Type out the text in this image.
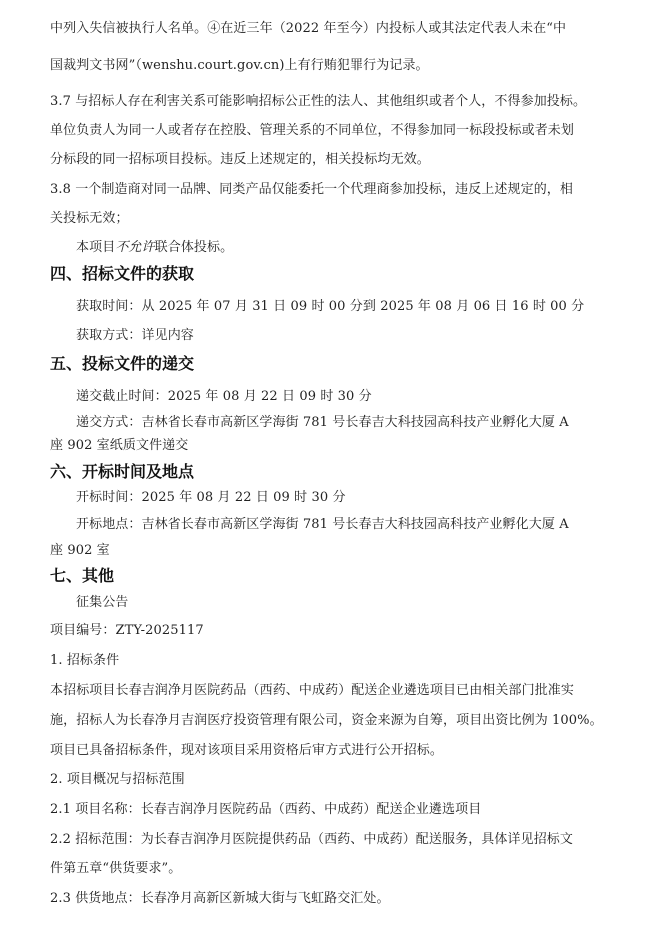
中列入失信被执行人名单。④在近三年（2022 年至今）内投标人或其法定代表人未在“中
国裁判文书网”（wenshu.court.gov.cn)上有行贿犯罪行为记录。
3.7 与招标人存在利害关系可能影响招标公正性的法人、其他组织或者个人，不得参加投标。
单位负责人为同一人或者存在控股、管理关系的不同单位，不得参加同一标段投标或者未划
分标段的同一招标项目投标。违反上述规定的，相关投标均无效。
3.8 一个制造商对同一品牌、同类产品仅能委托一个代理商参加投标，违反上述规定的，相
关投标无效；
本项目不允许联合体投标。
四、招标文件的获取
获取时间：从 2025 年 07 月 31 日 09 时 00 分到 2025 年 08 月 06 日 16 时 00 分
获取方式：详见内容
五、投标文件的递交
递交截止时间：2025 年 08 月 22 日 09 时 30 分
递交方式：吉林省长春市高新区学海街 781 号长春吉大科技园高科技产业孵化大厦 A
座 902 室纸质文件递交
六、开标时间及地点
开标时间：2025 年 08 月 22 日 09 时 30 分
开标地点：吉林省长春市高新区学海街 781 号长春吉大科技园高科技产业孵化大厦 A
座 902 室
七、其他
征集公告
项目编号：ZTY-2025117
1. 招标条件
本招标项目长春吉润净月医院药品（西药、中成药）配送企业遴选项目已由相关部门批准实
施，招标人为长春净月吉润医疗投资管理有限公司，资金来源为自筹，项目出资比例为 100%。
项目已具备招标条件，现对该项目采用资格后审方式进行公开招标。
2. 项目概况与招标范围
2.1 项目名称：长春吉润净月医院药品（西药、中成药）配送企业遴选项目
2.2 招标范围：为长春吉润净月医院提供药品（西药、中成药）配送服务，具体详见招标文
件第五章“供货要求”。
2.3 供货地点：长春净月高新区新城大街与飞虹路交汇处。
